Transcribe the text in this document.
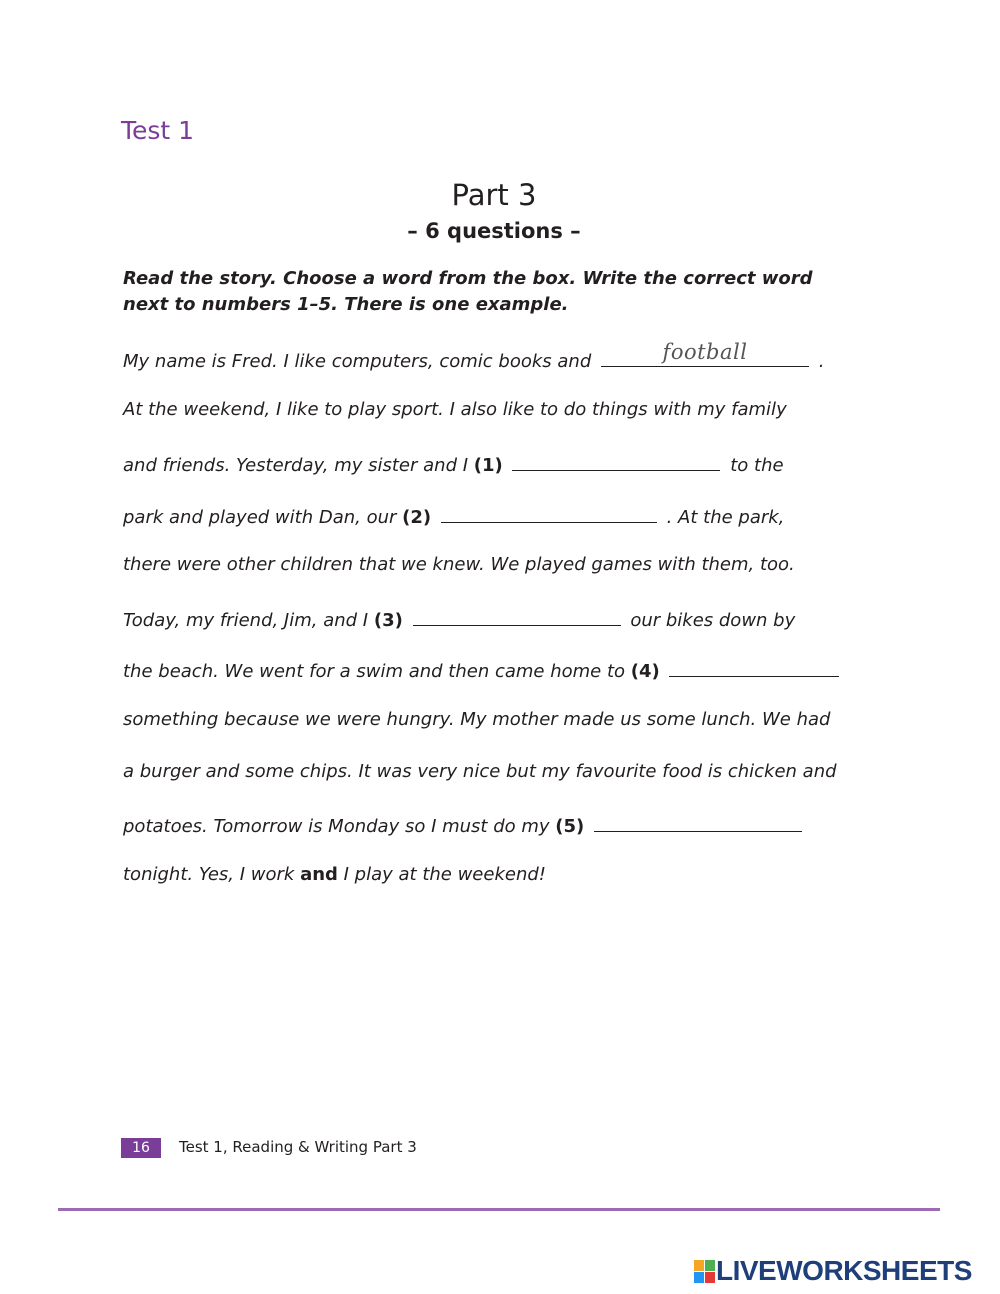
Test 1
Part 3
– 6 questions –
Read the story. Choose a word from the box. Write the correct word next to numbers 1–5. There is one example.
My name is Fred. I like computers, comic books and	football	.
At the weekend, I like to play sport. I also like to do things with my family
and friends. Yesterday, my sister and I (1)	to the
park and played with Dan, our (2)	. At the park,
there were other children that we knew. We played games with them, too.
Today, my friend, Jim, and I (3)	our bikes down by
the beach. We went for a swim and then came home to (4)
something because we were hungry. My mother made us some lunch. We had
a burger and some chips. It was very nice but my favourite food is chicken and
potatoes. Tomorrow is Monday so I must do my (5)
tonight. Yes, I work and I play at the weekend!
16	Test 1, Reading & Writing Part 3
LIVEWORKSHEETS
